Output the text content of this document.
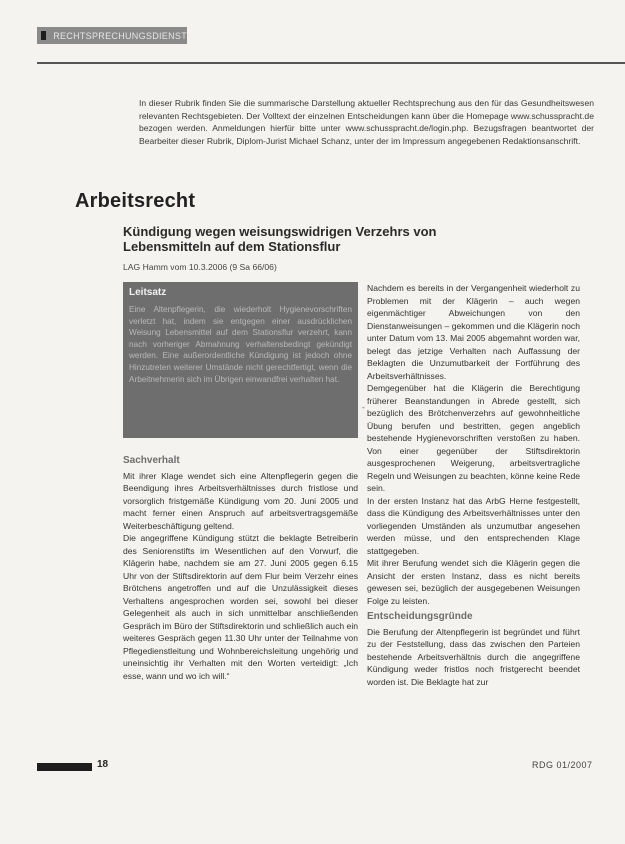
RECHTSPRECHUNGSDIENST

In dieser Rubrik finden Sie die summarische Darstellung aktueller Rechtsprechung aus den für das Gesundheitswesen relevanten Rechtsgebieten. Der Volltext der einzelnen Entscheidungen kann über die Homepage www.schusspracht.de bezogen werden. Anmeldungen hierfür bitte unter www.schusspracht.de/login.php. Bezugsfragen beantwortet der Bearbeiter dieser Rubrik, Diplom-Jurist Michael Schanz, unter der im Impressum angegebenen Redaktionsanschrift.

Arbeitsrecht
Kündigung wegen weisungswidrigen Verzehrs von Lebensmitteln auf dem Stationsflur
LAG Hamm vom 10.3.2006 (9 Sa 66/06)
Leitsatz
Eine Altenpflegerin, die wiederholt Hygienevorschriften verletzt hat, indem sie entgegen einer ausdrücklichen Weisung Lebensmittel auf dem Stationsflur verzehrt, kann nach vorheriger Abmahnung verhaltensbedingt gekündigt werden. Eine außerordentliche Kündigung ist jedoch ohne Hinzutreten weiterer Umstände nicht gerechtfertigt, wenn die Arbeitnehmerin sich im Übrigen einwandfrei verhalten hat.
Sachverhalt

Mit ihrer Klage wendet sich eine Altenpflegerin gegen die Beendigung ihres Arbeitsverhältnisses durch fristlose und vorsorglich fristgemäße Kündigung vom 20. Juni 2005 und macht ferner einen Anspruch auf arbeitsvertragsgemäße Weiterbeschäftigung geltend.

Die angegriffene Kündigung stützt die beklagte Betreiberin des Seniorenstifts im Wesentlichen auf den Vorwurf, die Klägerin habe, nachdem sie am 27. Juni 2005 gegen 6.15 Uhr von der Stiftsdirektorin auf dem Flur beim Verzehr eines Brötchens angetroffen und auf die Unzulässigkeit dieses Verhaltens angesprochen worden sei, sowohl bei dieser Gelegenheit als auch in sich unmittelbar anschließenden Gespräch im Büro der Stiftsdirektorin und schließlich auch ein weiteres Gespräch gegen 11.30 Uhr unter der Teilnahme von Pflegedienstleitung und Wohnbereichsleitung ungehörig und uneinsichtig ihr Verhalten mit den Worten verteidigt: „Ich esse, wann und wo ich will.“

-

Nachdem es bereits in der Vergangenheit wiederholt zu Problemen mit der Klägerin – auch wegen eigenmächtiger Abweichungen von den Dienstanweisungen – gekommen und die Klägerin noch unter Datum vom 13. Mai 2005 abgemahnt worden war, belegt das jetzige Verhalten nach Auffassung der Beklagten die Unzumutbarkeit der Fortführung des Arbeitsverhältnisses.

Demgegenüber hat die Klägerin die Berechtigung früherer Beanstandungen in Abrede gestellt, sich bezüglich des Brötchenverzehrs auf gewohnheitliche Übung berufen und bestritten, gegen angeblich bestehende Hygienevorschriften verstoßen zu haben. Von einer gegenüber der Stiftsdirektorin ausgesprochenen Weigerung, arbeitsvertragliche Regeln und Weisungen zu beachten, könne keine Rede sein.

In der ersten Instanz hat das ArbG Herne festgestellt, dass die Kündigung des Arbeitsverhältnisses unter den vorliegenden Umständen als unzumutbar angesehen werden müsse, und den entsprechenden Klage stattgegeben.

Mit ihrer Berufung wendet sich die Klägerin gegen die Ansicht der ersten Instanz, dass es nicht bereits gewesen sei, bezüglich der ausgegebenen Weisungen Folge zu leisten.

Entscheidungsgründe

Die Berufung der Altenpflegerin ist begründet und führt zu der Feststellung, dass das zwischen den Parteien bestehende Arbeitsverhältnis durch die angegriffene Kündigung weder fristlos noch fristgerecht beendet worden ist. Die Beklagte hat zur

18	RDG 01/2007
